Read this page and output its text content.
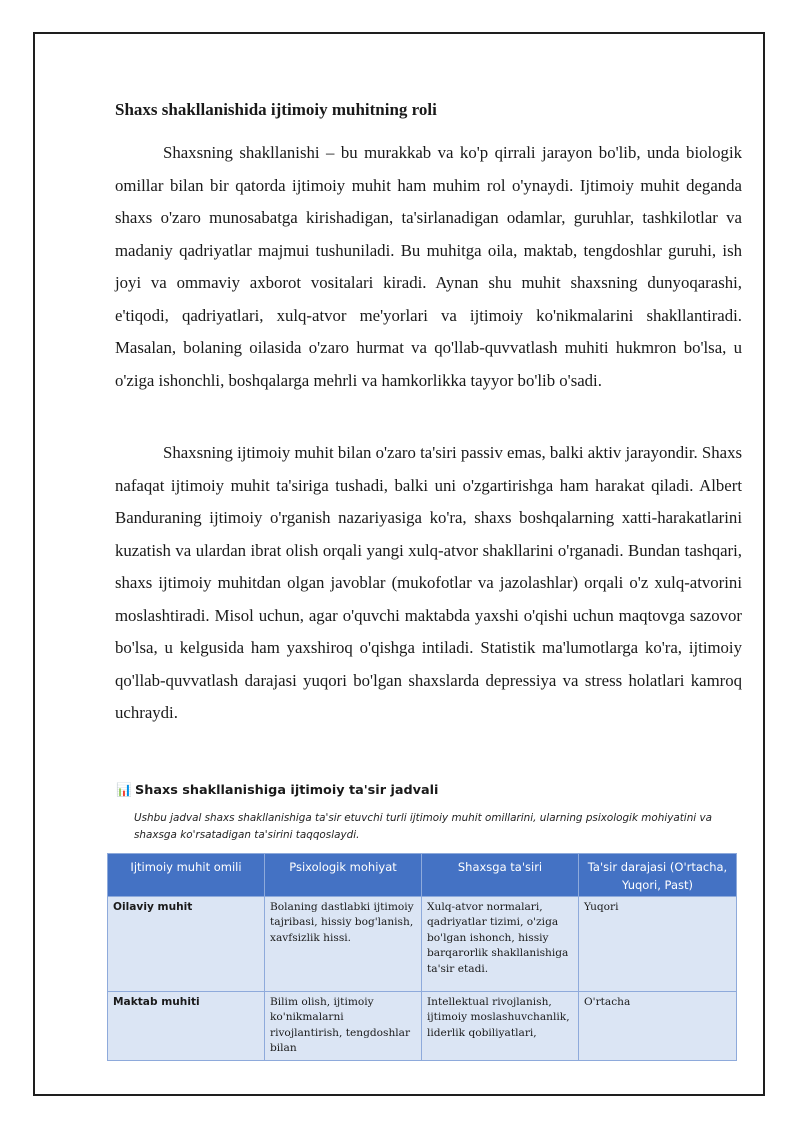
Shaxs shakllanishida ijtimoiy muhitning roli

Shaxsning shakllanishi – bu murakkab va ko'p qirrali jarayon bo'lib, unda biologik omillar bilan bir qatorda ijtimoiy muhit ham muhim rol o'ynaydi. Ijtimoiy muhit deganda shaxs o'zaro munosabatga kirishadigan, ta'sirlanadigan odamlar, guruhlar, tashkilotlar va madaniy qadriyatlar majmui tushuniladi. Bu muhitga oila, maktab, tengdoshlar guruhi, ish joyi va ommaviy axborot vositalari kiradi. Aynan shu muhit shaxsning dunyoqarashi, e'tiqodi, qadriyatlari, xulq-atvor me'yorlari va ijtimoiy ko'nikmalarini shakllantiradi. Masalan, bolaning oilasida o'zaro hurmat va qo'llab-quvvatlash muhiti hukmron bo'lsa, u o'ziga ishonchli, boshqalarga mehrli va hamkorlikka tayyor bo'lib o'sadi.

Shaxsning ijtimoiy muhit bilan o'zaro ta'siri passiv emas, balki aktiv jarayondir. Shaxs nafaqat ijtimoiy muhit ta'siriga tushadi, balki uni o'zgartirishga ham harakat qiladi. Albert Banduraning ijtimoiy o'rganish nazariyasiga ko'ra, shaxs boshqalarning xatti-harakatlarini kuzatish va ulardan ibrat olish orqali yangi xulq-atvor shakllarini o'rganadi. Bundan tashqari, shaxs ijtimoiy muhitdan olgan javoblar (mukofotlar va jazolashlar) orqali o'z xulq-atvorini moslashtiradi. Misol uchun, agar o'quvchi maktabda yaxshi o'qishi uchun maqtovga sazovor bo'lsa, u kelgusida ham yaxshiroq o'qishga intiladi. Statistik ma'lumotlarga ko'ra, ijtimoiy qo'llab-quvvatlash darajasi yuqori bo'lgan shaxslarda depressiya va stress holatlari kamroq uchraydi.

📊 Shaxs shakllanishiga ijtimoiy ta'sir jadvali
Ushbu jadval shaxs shakllanishiga ta'sir etuvchi turli ijtimoiy muhit omillarini, ularning psixologik mohiyatini va shaxsga ko'rsatadigan ta'sirini taqqoslaydi.
Ijtimoiy muhit omili	Psixologik mohiyat	Shaxsga ta'siri	Ta'sir darajasi (O'rtacha, Yuqori, Past)
Oilaviy muhit	Bolaning dastlabki ijtimoiy tajribasi, hissiy bog'lanish, xavfsizlik hissi.	Xulq-atvor normalari, qadriyatlar tizimi, o'ziga bo'lgan ishonch, hissiy barqarorlik shakllanishiga ta'sir etadi.	Yuqori
Maktab muhiti	Bilim olish, ijtimoiy ko'nikmalarni rivojlantirish, tengdoshlar bilan	Intellektual rivojlanish, ijtimoiy moslashuvchanlik, liderlik qobiliyatlari,	O'rtacha
